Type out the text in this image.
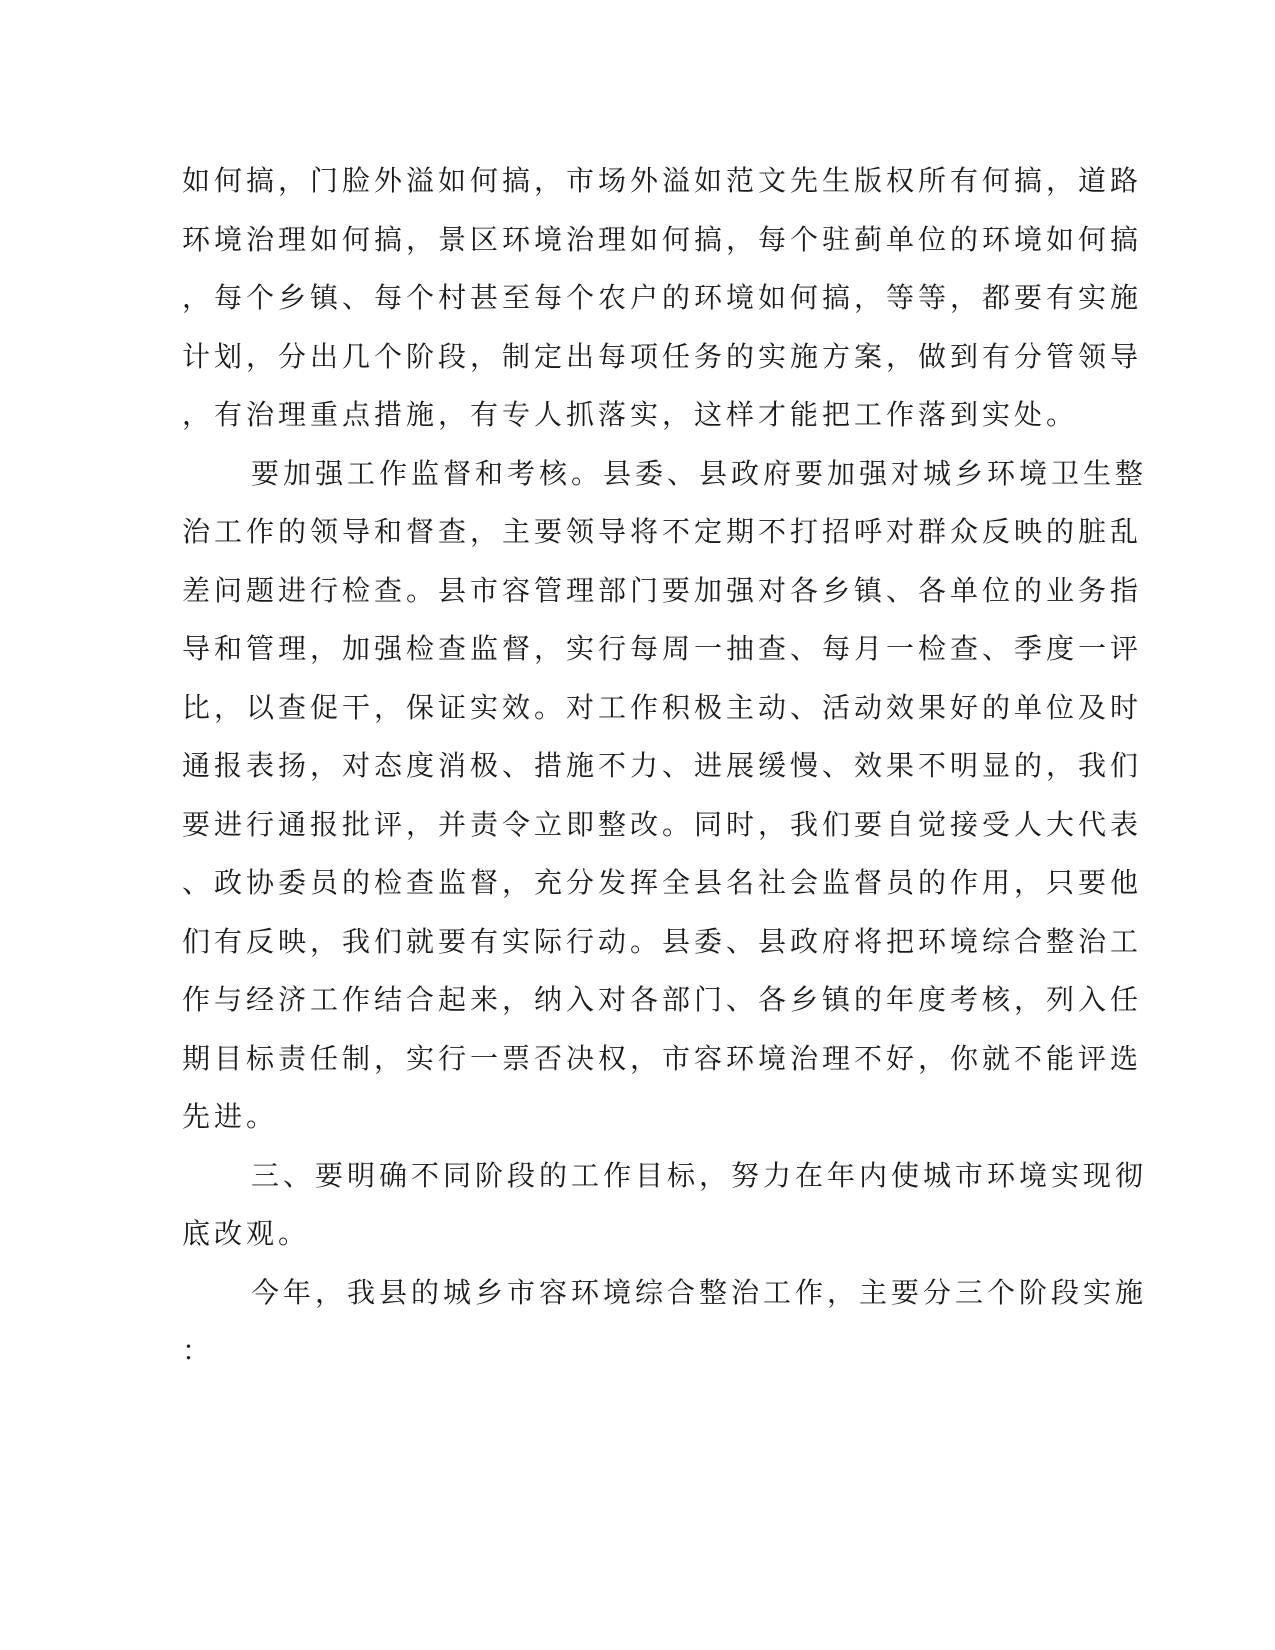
如何搞，门脸外溢如何搞，市场外溢如范文先生版权所有何搞，道路
环境治理如何搞，景区环境治理如何搞，每个驻蓟单位的环境如何搞
，每个乡镇、每个村甚至每个农户的环境如何搞，等等，都要有实施
计划，分出几个阶段，制定出每项任务的实施方案，做到有分管领导
，有治理重点措施，有专人抓落实，这样才能把工作落到实处。
要加强工作监督和考核。县委、县政府要加强对城乡环境卫生整
治工作的领导和督查，主要领导将不定期不打招呼对群众反映的脏乱
差问题进行检查。县市容管理部门要加强对各乡镇、各单位的业务指
导和管理，加强检查监督，实行每周一抽查、每月一检查、季度一评
比，以查促干，保证实效。对工作积极主动、活动效果好的单位及时
通报表扬，对态度消极、措施不力、进展缓慢、效果不明显的，我们
要进行通报批评，并责令立即整改。同时，我们要自觉接受人大代表
、政协委员的检查监督，充分发挥全县名社会监督员的作用，只要他
们有反映，我们就要有实际行动。县委、县政府将把环境综合整治工
作与经济工作结合起来，纳入对各部门、各乡镇的年度考核，列入任
期目标责任制，实行一票否决权，市容环境治理不好，你就不能评选
先进。
三、要明确不同阶段的工作目标，努力在年内使城市环境实现彻
底改观。
今年，我县的城乡市容环境综合整治工作，主要分三个阶段实施
：
